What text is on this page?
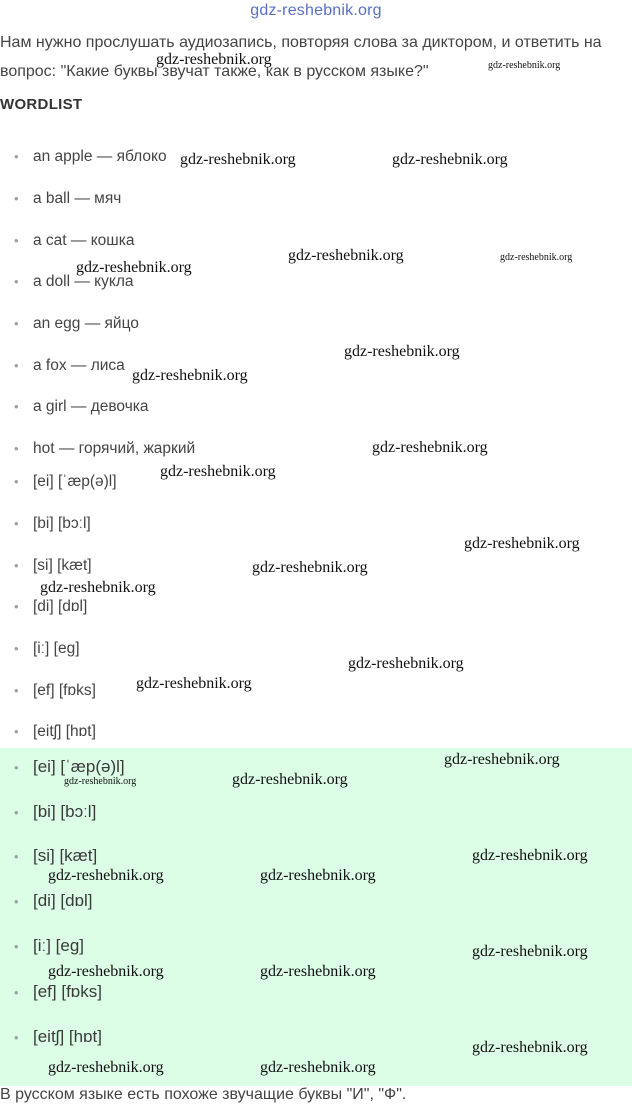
gdz-reshebnik.org
Нам нужно прослушать аудиозапись, повторяя слова за диктором, и ответить на вопрос: "Какие буквы звучат также, как в русском языке?"
WORDLIST
• an apple — яблоко
• a ball — мяч
• a cat — кошка
• a doll — кукла
• an egg — яйцо
• a fox — лиса
• a girl — девочка
• hot — горячий, жаркий
• [ei] [ˈæp(ə)l]
• [bi] [bɔːl]
• [si] [kæt]
• [di] [dɒl]
• [iː] [eg]
• [ef] [fɒks]
• [eitʃ] [hɒt]
• [ei] [ˈæp(ə)l]
• [bi] [bɔːl]
• [si] [kæt]
• [di] [dɒl]
• [iː] [eg]
• [ef] [fɒks]
• [eitʃ] [hɒt]
В русском языке есть похоже звучащие буквы "И", "Ф".
gdz-reshebnik.org	gdz-reshebnik.org
gdz-reshebnik.org	gdz-reshebnik.org
gdz-reshebnik.org	gdz-reshebnik.org
gdz-reshebnik.org
gdz-reshebnik.org
gdz-reshebnik.org
gdz-reshebnik.org
gdz-reshebnik.org
gdz-reshebnik.org
gdz-reshebnik.org
gdz-reshebnik.org
gdz-reshebnik.org
gdz-reshebnik.org
gdz-reshebnik.org
gdz-reshebnik.org	gdz-reshebnik.org
gdz-reshebnik.org
gdz-reshebnik.org	gdz-reshebnik.org
gdz-reshebnik.org
gdz-reshebnik.org	gdz-reshebnik.org
gdz-reshebnik.org
gdz-reshebnik.org	gdz-reshebnik.org
